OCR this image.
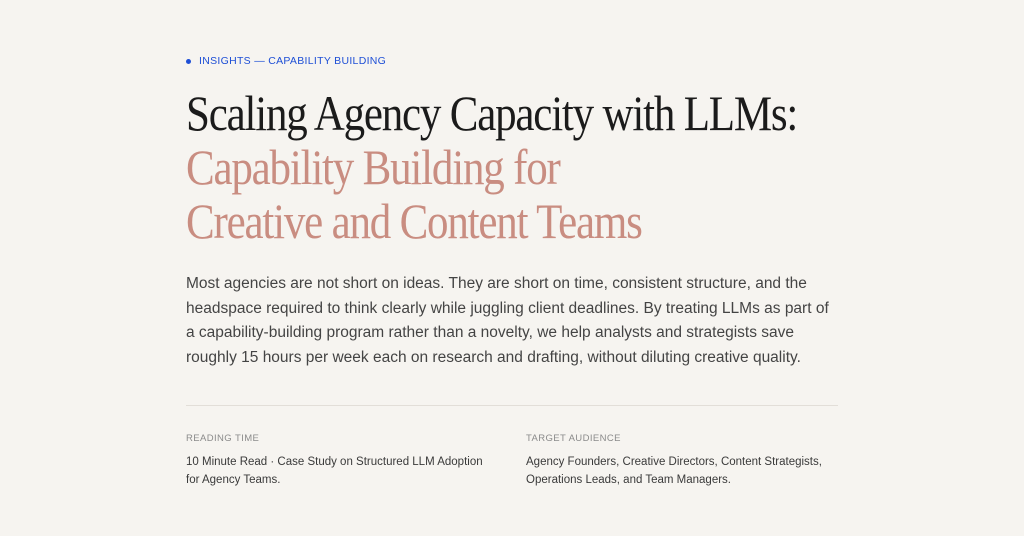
INSIGHTS — CAPABILITY BUILDING
Scaling Agency Capacity with LLMs:
Capability Building for Creative and Content Teams

Most agencies are not short on ideas. They are short on time, consistent structure, and the headspace required to think clearly while juggling client deadlines. By treating LLMs as part of a capability-building program rather than a novelty, we help analysts and strategists save roughly 15 hours per week each on research and drafting, without diluting creative quality.

READING TIME

10 Minute Read · Case Study on Structured LLM Adoption for Agency Teams.

TARGET AUDIENCE

Agency Founders, Creative Directors, Content Strategists, Operations Leads, and Team Managers.
